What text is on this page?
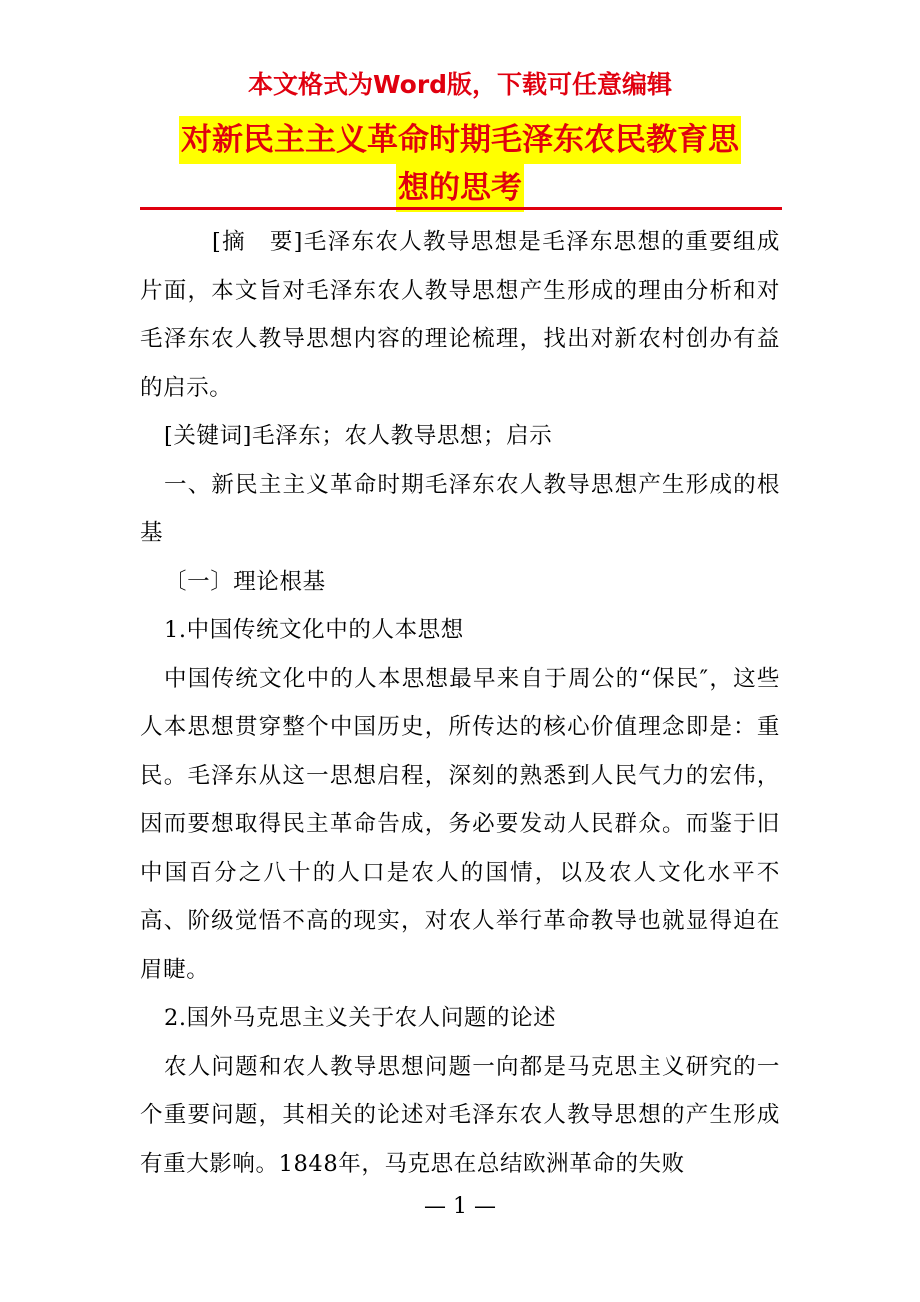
本文格式为Word版，下载可任意编辑
对新民主主义革命时期毛泽东农民教育思
想的思考

[摘　要]毛泽东农人教导思想是毛泽东思想的重要组成片面，本文旨对毛泽东农人教导思想产生形成的理由分析和对毛泽东农人教导思想内容的理论梳理，找出对新农村创办有益的启示。

[关键词]毛泽东；农人教导思想；启示

一、新民主主义革命时期毛泽东农人教导思想产生形成的根基

〔一〕理论根基

1.中国传统文化中的人本思想

中国传统文化中的人本思想最早来自于周公的“保民″，这些人本思想贯穿整个中国历史，所传达的核心价值理念即是：重民。毛泽东从这一思想启程，深刻的熟悉到人民气力的宏伟，因而要想取得民主革命告成，务必要发动人民群众。而鉴于旧中国百分之八十的人口是农人的国情，以及农人文化水平不高、阶级觉悟不高的现实，对农人举行革命教导也就显得迫在眉睫。

2.国外马克思主义关于农人问题的论述

农人问题和农人教导思想问题一向都是马克思主义研究的一个重要问题，其相关的论述对毛泽东农人教导思想的产生形成有重大影响。1848年，马克思在总结欧洲革命的失败

— 1 —
